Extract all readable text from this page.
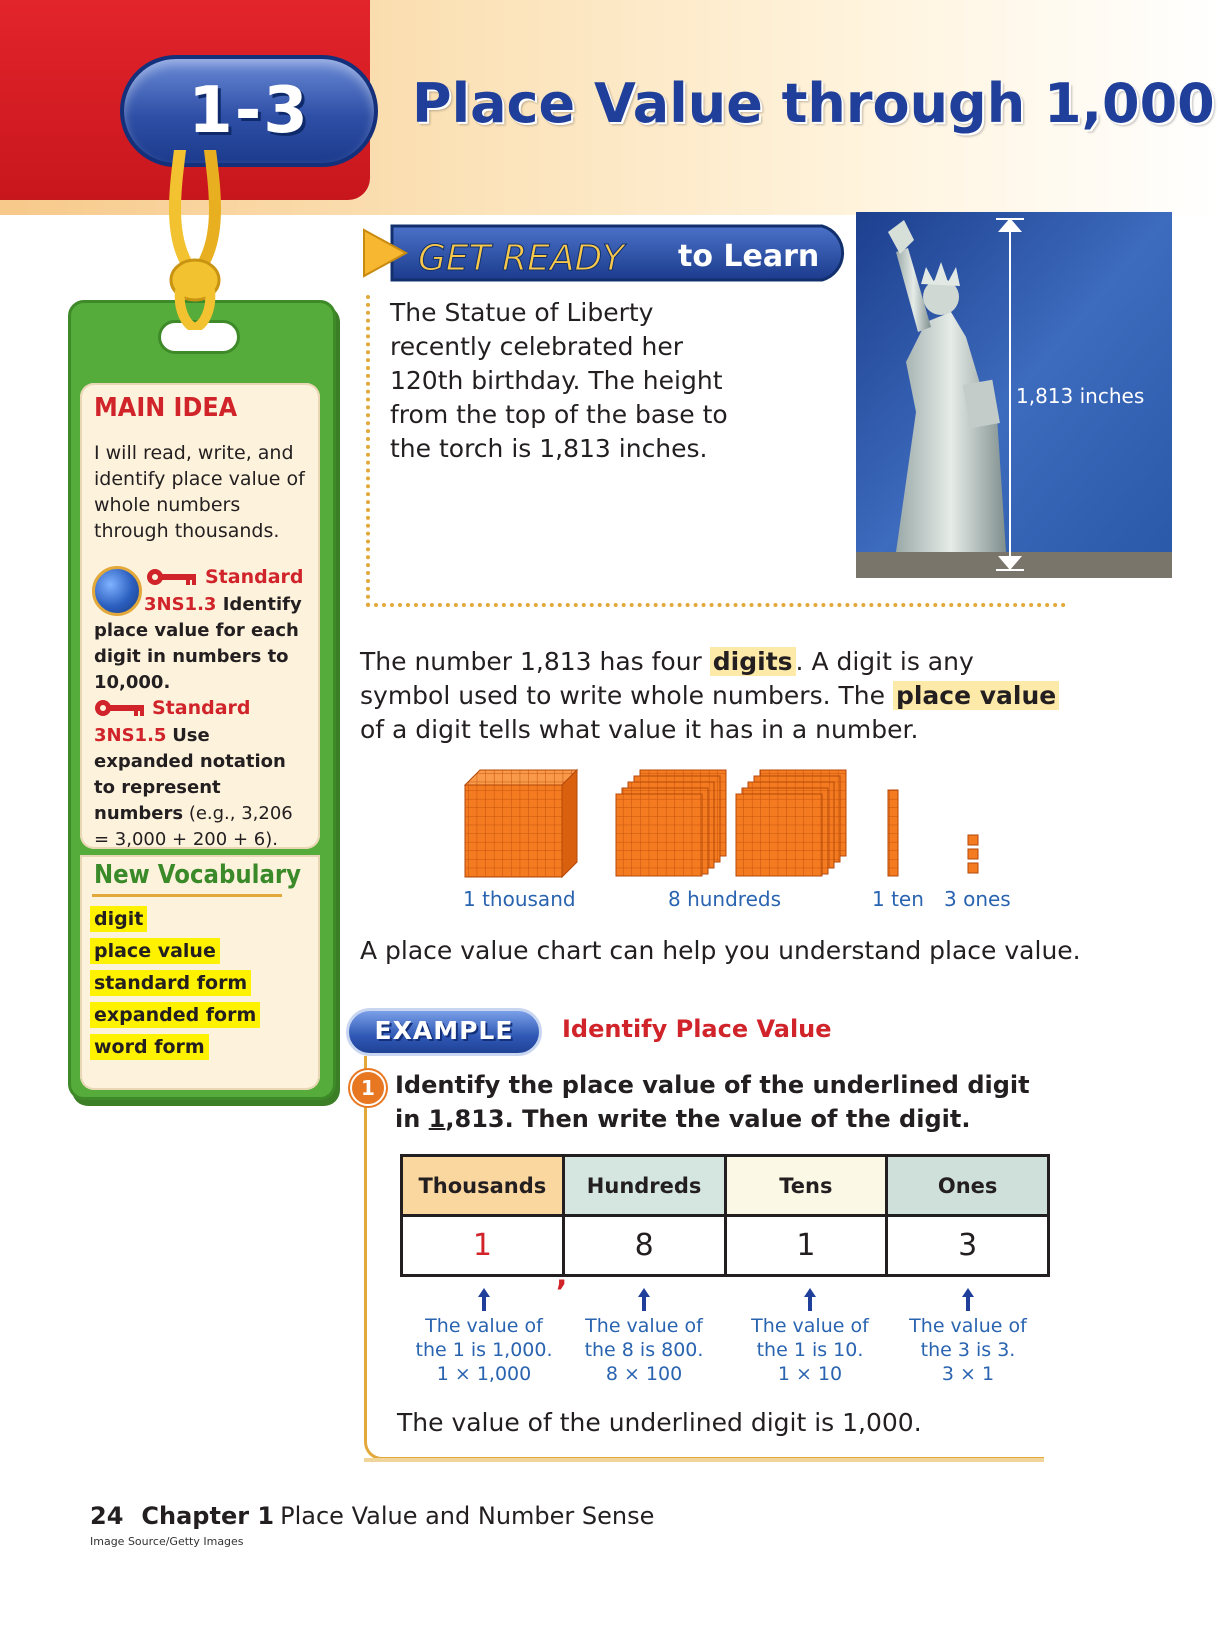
1-3	Place Value through 1,000
MAIN IDEA
I will read, write, and identify place value of whole numbers through thousands.
Standard
3NS1.3 Identify place value for each digit in numbers to 10,000.
Standard
3NS1.5 Use expanded notation to represent numbers (e.g., 3,206 = 3,000 + 200 + 6).
New Vocabulary
digit
place value
standard form
expanded form
word form
GET READY to Learn
The Statue of Liberty recently celebrated her 120th birthday. The height from the top of the base to the torch is 1,813 inches.
1,813 inches
The number 1,813 has four digits . A digit is any symbol used to write whole numbers. The place value of a digit tells what value it has in a number.
1 thousand	8 hundreds	1 ten 3 ones
A place value chart can help you understand place value.
EXAMPLE	Identify Place Value
1 Identify the place value of the underlined digit in 1,813. Then write the value of the digit.
Thousands	Hundreds	Tens	Ones
1	8	1	3
,
The value of
the 1 is 1,000.
1 × 1,000
The value of
the 8 is 800.
8 × 100
The value of
the 1 is 10.
1 × 10
The value of
the 3 is 3.
3 × 1
The value of the underlined digit is 1,000.
24 Chapter 1 Place Value and Number Sense
Image Source/Getty Images
